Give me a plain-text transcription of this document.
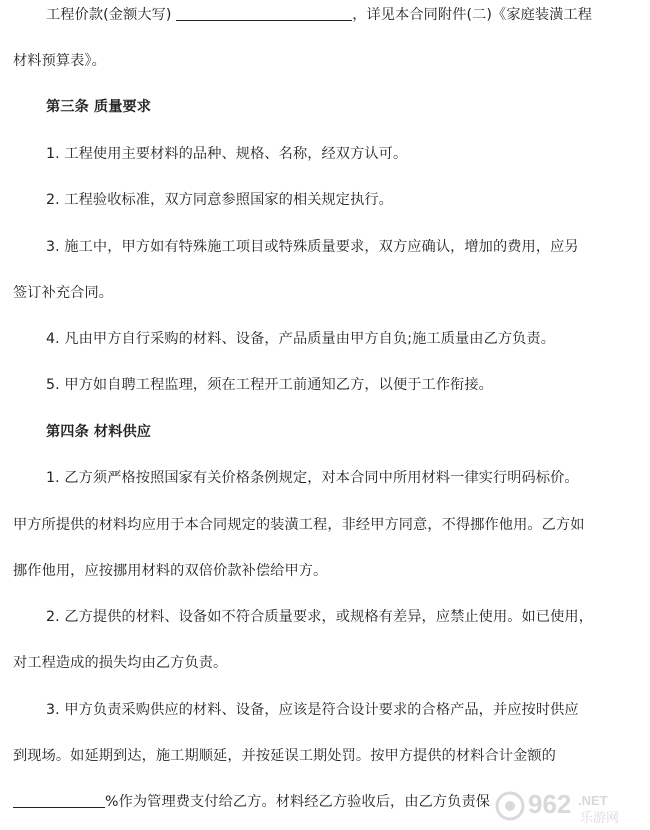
工程价款(金额大写)	，详见本合同附件(二)《家庭装潢工程
材料预算表》。
第三条 质量要求
1. 工程使用主要材料的品种、规格、名称，经双方认可。
2. 工程验收标准，双方同意参照国家的相关规定执行。
3. 施工中，甲方如有特殊施工项目或特殊质量要求，双方应确认，增加的费用，应另
签订补充合同。
4. 凡由甲方自行采购的材料、设备，产品质量由甲方自负;施工质量由乙方负责。
5. 甲方如自聘工程监理，须在工程开工前通知乙方，以便于工作衔接。
第四条 材料供应
1. 乙方须严格按照国家有关价格条例规定，对本合同中所用材料一律实行明码标价。
甲方所提供的材料均应用于本合同规定的装潢工程，非经甲方同意，不得挪作他用。乙方如
挪作他用，应按挪用材料的双倍价款补偿给甲方。
2. 乙方提供的材料、设备如不符合质量要求，或规格有差异，应禁止使用。如已使用，
对工程造成的损失均由乙方负责。
3. 甲方负责采购供应的材料、设备，应该是符合设计要求的合格产品，并应按时供应
到现场。如延期到达，施工期顺延，并按延误工期处罚。按甲方提供的材料合计金额的
%作为管理费支付给乙方。材料经乙方验收后，由乙方负责保 962 .NET
乐游网
